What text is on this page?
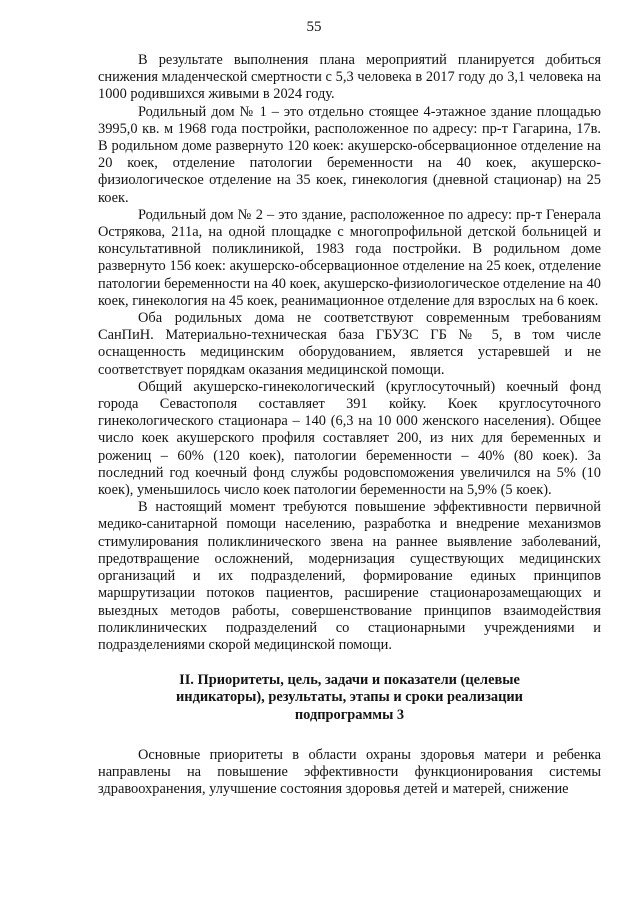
55

В результате выполнения плана мероприятий планируется добиться снижения младенческой смертности с 5,3 человека в 2017 году до 3,1 человека на 1000 родившихся живыми в 2024 году.

Родильный дом № 1 – это отдельно стоящее 4-этажное здание площадью 3995,0 кв. м 1968 года постройки, расположенное по адресу: пр-т Гагарина, 17в. В родильном доме развернуто 120 коек: акушерско-обсервационное отделение на 20 коек, отделение патологии беременности на 40 коек, акушерско-физиологическое отделение на 35 коек, гинекология (дневной стационар) на 25 коек.

Родильный дом № 2 – это здание, расположенное по адресу: пр-т Генерала Острякова, 211а, на одной площадке с многопрофильной детской больницей и консультативной поликлиникой, 1983 года постройки. В родильном доме развернуто 156 коек: акушерско-обсервационное отделение на 25 коек, отделение патологии беременности на 40 коек, акушерско-физиологическое отделение на 40 коек, гинекология на 45 коек, реанимационное отделение для взрослых на 6 коек.

Оба родильных дома не соответствуют современным требованиям СанПиН. Материально-техническая база ГБУЗС ГБ № 5, в том числе оснащенность медицинским оборудованием, является устаревшей и не соответствует порядкам оказания медицинской помощи.

Общий акушерско-гинекологический (круглосуточный) коечный фонд города Севастополя составляет 391 койку. Коек круглосуточного гинекологического стационара – 140 (6,3 на 10 000 женского населения). Общее число коек акушерского профиля составляет 200, из них для беременных и рожениц – 60% (120 коек), патологии беременности – 40% (80 коек). За последний год коечный фонд службы родовспоможения увеличился на 5% (10 коек), уменьшилось число коек патологии беременности на 5,9% (5 коек).

В настоящий момент требуются повышение эффективности первичной медико-санитарной помощи населению, разработка и внедрение механизмов стимулирования поликлинического звена на раннее выявление заболеваний, предотвращение осложнений, модернизация существующих медицинских организаций и их подразделений, формирование единых принципов маршрутизации потоков пациентов, расширение стационарозамещающих и выездных методов работы, совершенствование принципов взаимодействия поликлинических подразделений со стационарными учреждениями и подразделениями скорой медицинской помощи.

II. Приоритеты, цель, задачи и показатели (целевые
индикаторы), результаты, этапы и сроки реализации
подпрограммы 3

Основные приоритеты в области охраны здоровья матери и ребенка направлены на повышение эффективности функционирования системы здравоохранения, улучшение состояния здоровья детей и матерей, снижение
